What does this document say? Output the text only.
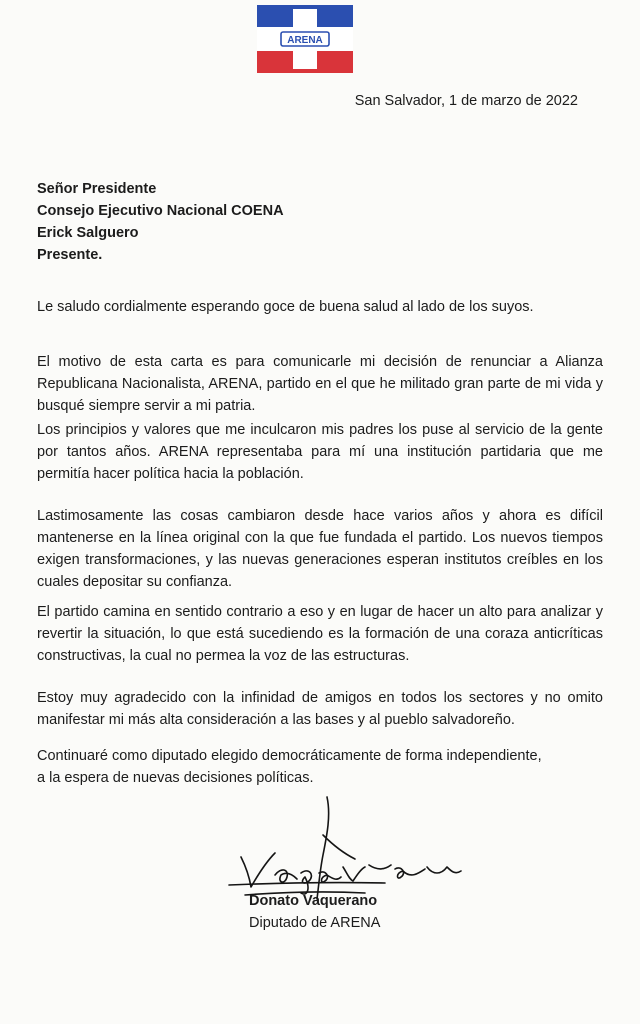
ARENA
San Salvador, 1 de marzo de 2022
Señor Presidente
Consejo Ejecutivo Nacional COENA
Erick Salguero
Presente.

Le saludo cordialmente esperando goce de buena salud al lado de los suyos.

El motivo de esta carta es para comunicarle mi decisión de renunciar a Alianza Republicana Nacionalista, ARENA, partido en el que he militado gran parte de mi vida y busqué siempre servir a mi patria.

Los principios y valores que me inculcaron mis padres los puse al servicio de la gente por tantos años. ARENA representaba para mí una institución partidaria que me permitía hacer política hacia la población.

Lastimosamente las cosas cambiaron desde hace varios años y ahora es difícil mantenerse en la línea original con la que fue fundada el partido. Los nuevos tiempos exigen transformaciones, y las nuevas generaciones esperan institutos creíbles en los cuales depositar su confianza.

El partido camina en sentido contrario a eso y en lugar de hacer un alto para analizar y revertir la situación, lo que está sucediendo es la formación de una coraza anticríticas constructivas, la cual no permea la voz de las estructuras.

Estoy muy agradecido con la infinidad de amigos en todos los sectores y no omito manifestar mi más alta consideración a las bases y al pueblo salvadoreño.

Continuaré como diputado elegido democráticamente de forma independiente,
a la espera de nuevas decisiones políticas.
Donato Vaquerano
Diputado de ARENA
